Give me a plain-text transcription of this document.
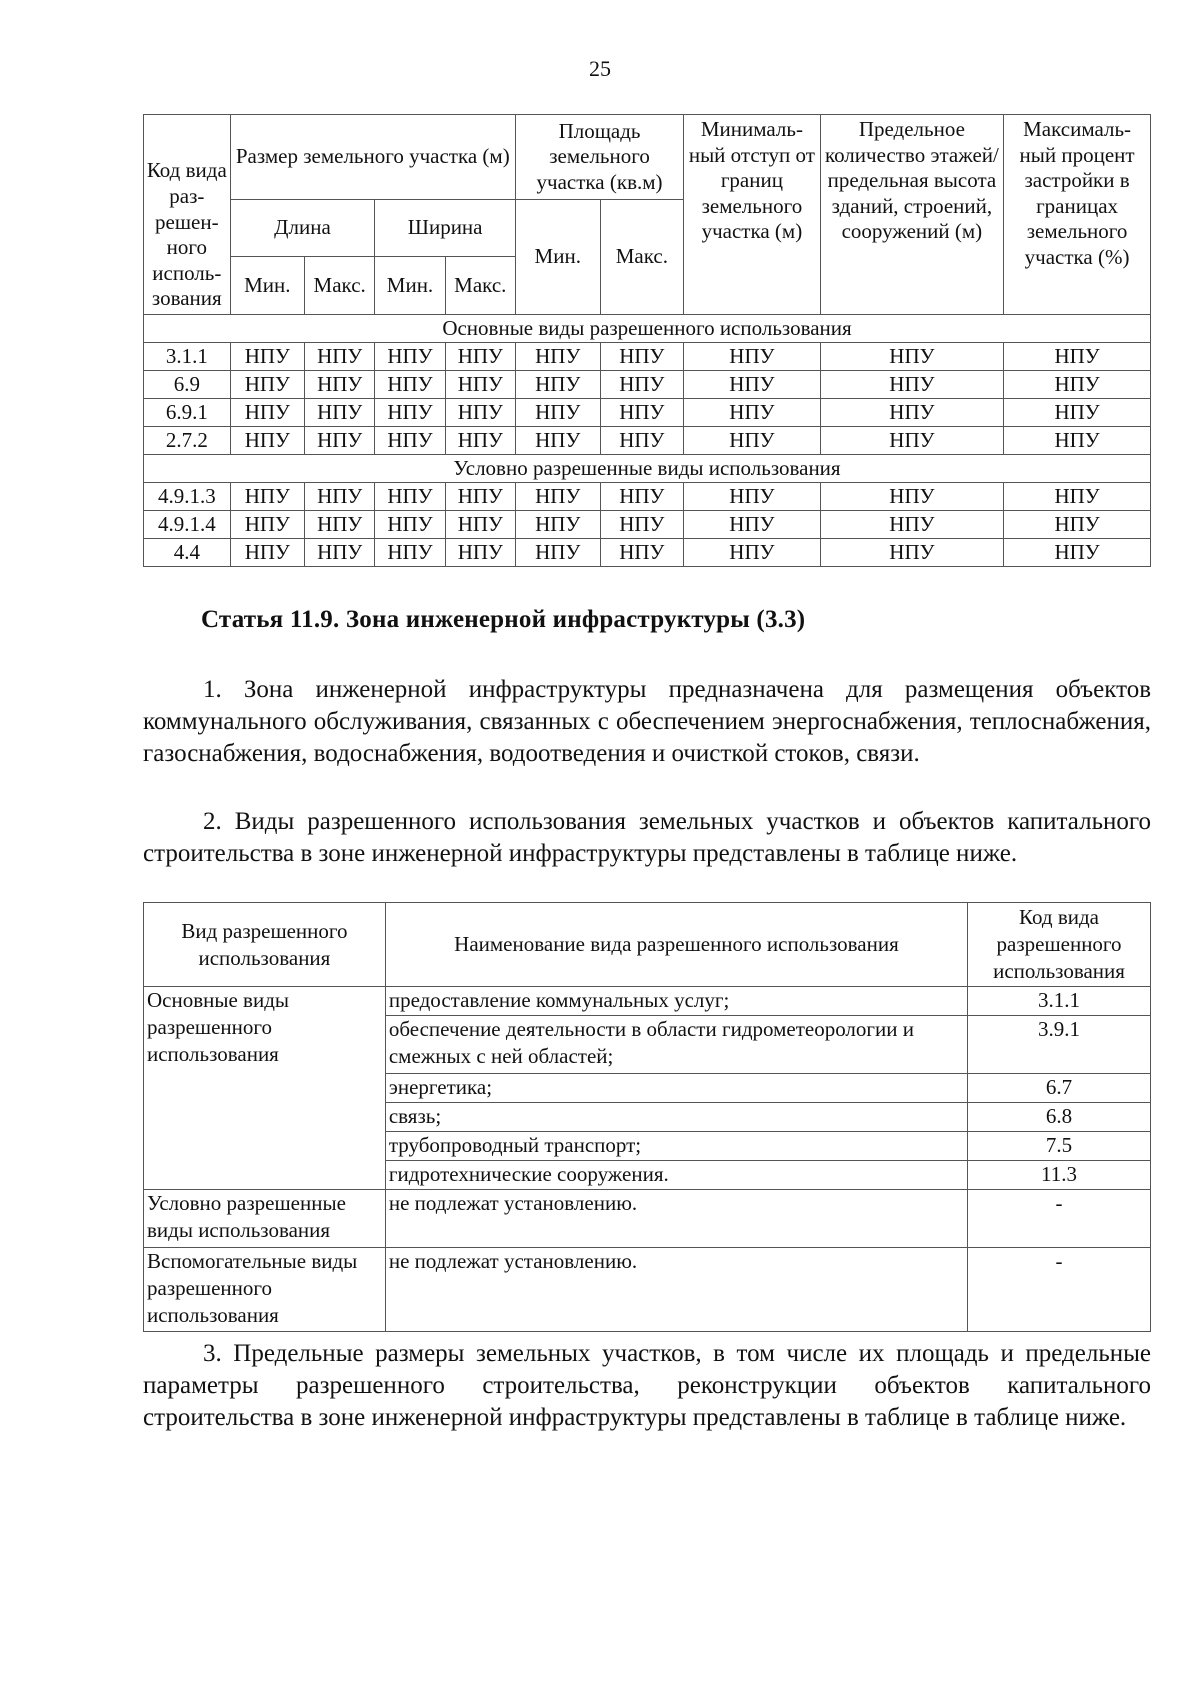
25
Код вида раз- решен- ного исполь- зования	Размер земельного участка (м)				Площадь земельного участка (кв.м)		Минималь- ный отступ от границ земельного участка (м)	Предельное количество этажей/ предельная высота зданий, строений, сооружений (м)	Максималь- ный процент застройки в границах земельного участка (%)
	Длина		Ширина		Мин.	Макс.			
	Мин.	Макс.	Мин.	Макс.					
Основные виды разрешенного использования									
3.1.1	НПУ	НПУ	НПУ	НПУ	НПУ	НПУ	НПУ	НПУ	НПУ
6.9	НПУ	НПУ	НПУ	НПУ	НПУ	НПУ	НПУ	НПУ	НПУ
6.9.1	НПУ	НПУ	НПУ	НПУ	НПУ	НПУ	НПУ	НПУ	НПУ
2.7.2	НПУ	НПУ	НПУ	НПУ	НПУ	НПУ	НПУ	НПУ	НПУ
Условно разрешенные виды использования									
4.9.1.3	НПУ	НПУ	НПУ	НПУ	НПУ	НПУ	НПУ	НПУ	НПУ
4.9.1.4	НПУ	НПУ	НПУ	НПУ	НПУ	НПУ	НПУ	НПУ	НПУ
4.4	НПУ	НПУ	НПУ	НПУ	НПУ	НПУ	НПУ	НПУ	НПУ
Статья 11.9. Зона инженерной инфраструктуры (3.3)

1. Зона инженерной инфраструктуры предназначена для размещения объектов коммунального обслуживания, связанных с обеспечением энергоснабжения, теплоснабжения, газоснабжения, водоснабжения, водоотведения и очисткой стоков, связи.

2. Виды разрешенного использования земельных участков и объектов капитального строительства в зоне инженерной инфраструктуры представлены в таблице ниже.

Вид разрешенного использования	Наименование вида разрешенного использования	Код вида разрешенного использования
Основные виды разрешенного использования	предоставление коммунальных услуг;	3.1.1
	обеспечение деятельности в области гидрометеорологии и смежных с ней областей;	3.9.1
	энергетика;	6.7
	связь;	6.8
	трубопроводный транспорт;	7.5
	гидротехнические сооружения.	11.3
Условно разрешенные виды использования	не подлежат установлению.	-
Вспомогательные виды разрешенного использования	не подлежат установлению.	-

3. Предельные размеры земельных участков, в том числе их площадь и предельные параметры разрешенного строительства, реконструкции объектов капитального строительства в зоне инженерной инфраструктуры представлены в таблице в таблице ниже.
